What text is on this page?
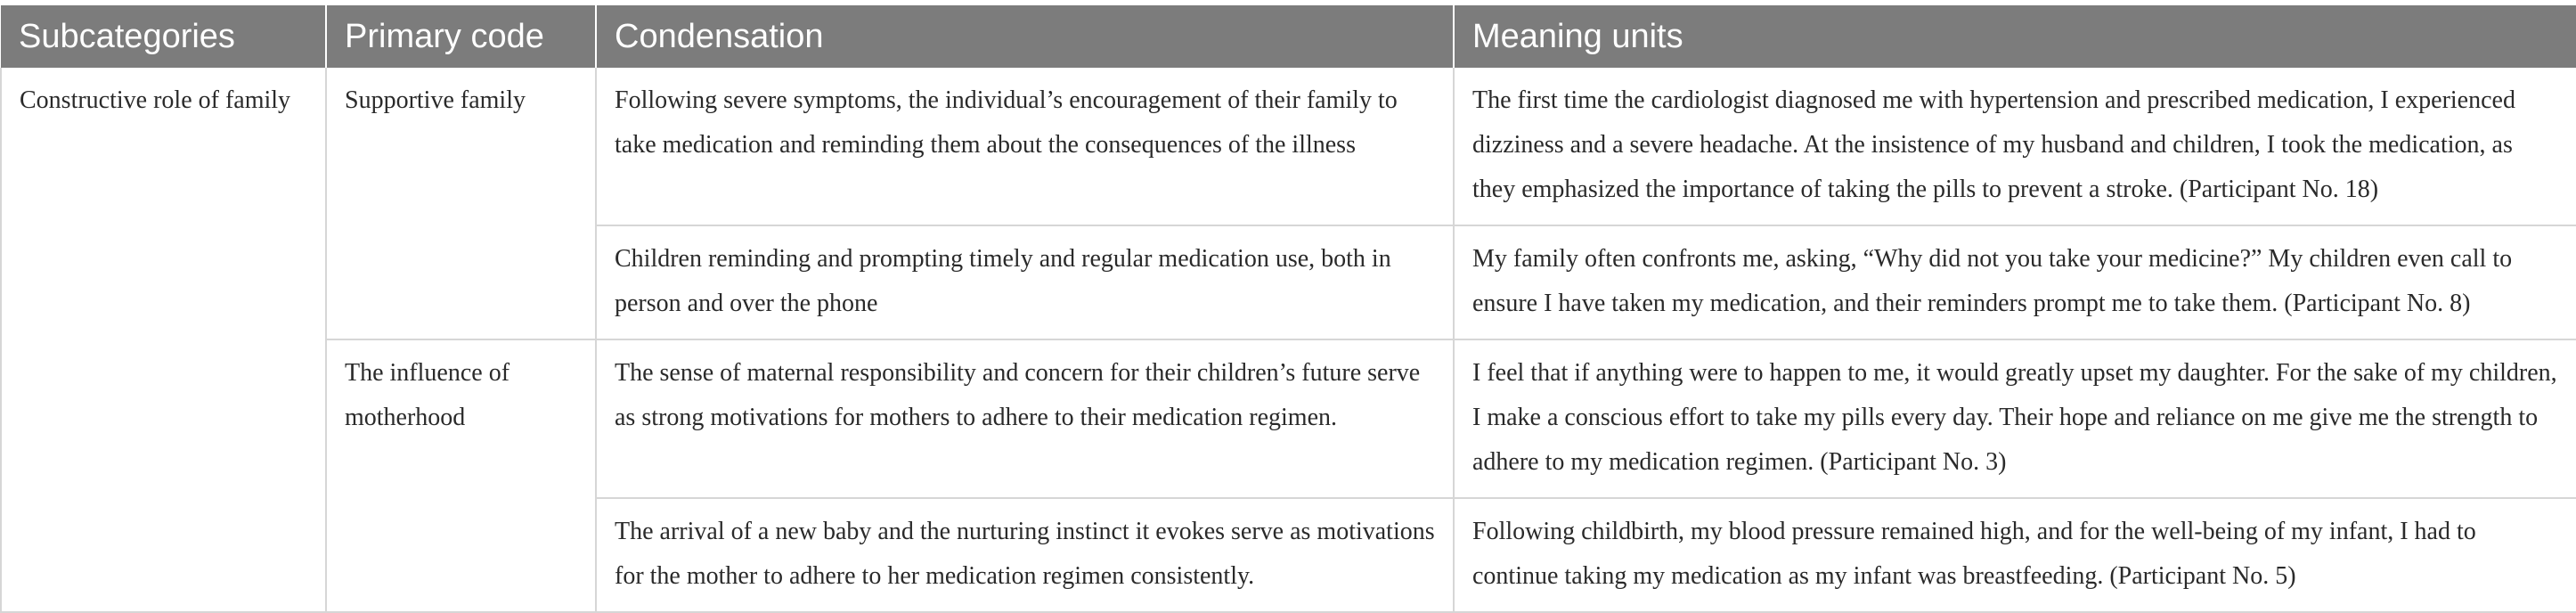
Subcategories	Primary code	Condensation	Meaning units
Constructive role of family	Supportive family	Following severe symptoms, the individual’s encouragement of their family to take medication and reminding them about the consequences of the illness	The first time the cardiologist diagnosed me with hypertension and prescribed medication, I experienced dizziness and a severe headache. At the insistence of my husband and children, I took the medication, as they emphasized the importance of taking the pills to prevent a stroke. (Participant No. 18)
		Children reminding and prompting timely and regular medication use, both in person and over the phone	My family often confronts me, asking, “Why did not you take your medicine?” My children even call to ensure I have taken my medication, and their reminders prompt me to take them. (Participant No. 8)
	The influence of motherhood	The sense of maternal responsibility and concern for their children’s future serve as strong motivations for mothers to adhere to their medication regimen.	I feel that if anything were to happen to me, it would greatly upset my daughter. For the sake of my children, I make a conscious effort to take my pills every day. Their hope and reliance on me give me the strength to adhere to my medication regimen. (Participant No. 3)
		The arrival of a new baby and the nurturing instinct it evokes serve as motivations for the mother to adhere to her medication regimen consistently.	Following childbirth, my blood pressure remained high, and for the well-being of my infant, I had to continue taking my medication as my infant was breastfeeding. (Participant No. 5)
